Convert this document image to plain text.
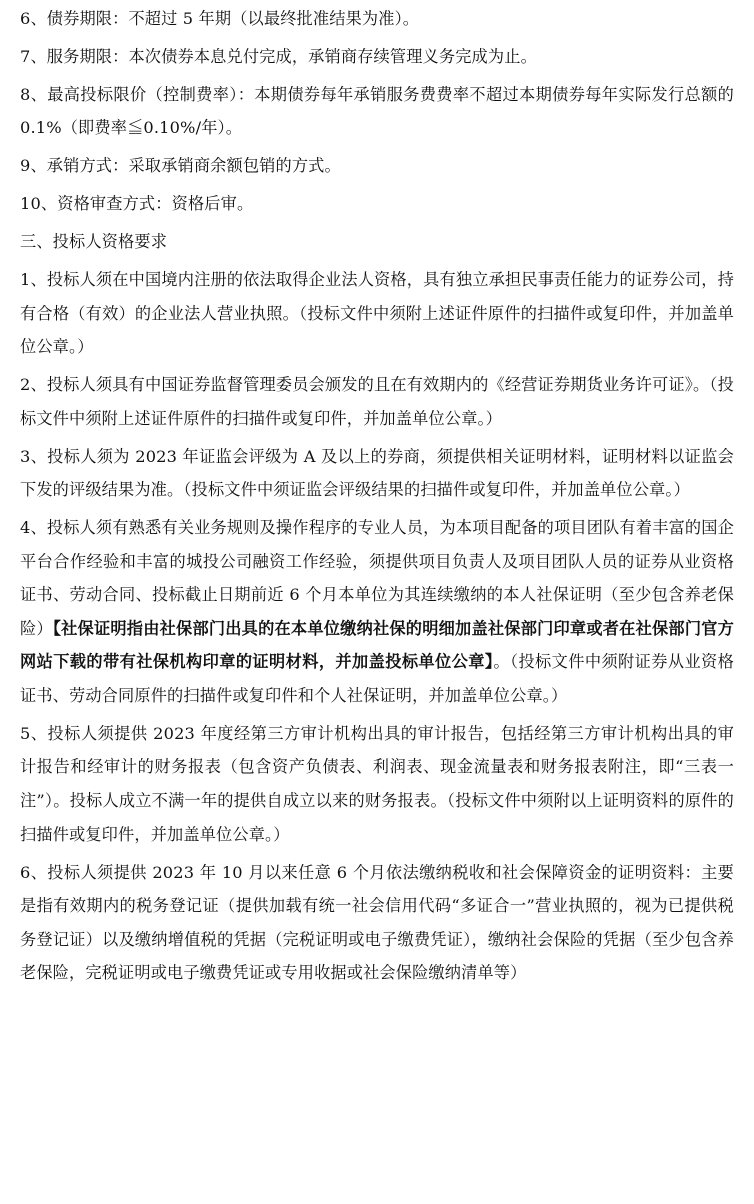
6、债券期限：不超过 5 年期（以最终批准结果为准）。

7、服务期限：本次债券本息兑付完成，承销商存续管理义务完成为止。

8、最高投标限价（控制费率）：本期债券每年承销服务费费率不超过本期债券每年实际发行总额的 0.1%（即费率≦0.10%/年）。

9、承销方式：采取承销商余额包销的方式。

10、资格审查方式：资格后审。

三、投标人资格要求

1、投标人须在中国境内注册的依法取得企业法人资格，具有独立承担民事责任能力的证券公司，持有合格（有效）的企业法人营业执照。（投标文件中须附上述证件原件的扫描件或复印件，并加盖单位公章。）

2、投标人须具有中国证券监督管理委员会颁发的且在有效期内的《经营证券期货业务许可证》。（投标文件中须附上述证件原件的扫描件或复印件，并加盖单位公章。）

3、投标人须为 2023 年证监会评级为 A 及以上的券商，须提供相关证明材料，证明材料以证监会下发的评级结果为准。（投标文件中须证监会评级结果的扫描件或复印件，并加盖单位公章。）

4、投标人须有熟悉有关业务规则及操作程序的专业人员，为本项目配备的项目团队有着丰富的国企平台合作经验和丰富的城投公司融资工作经验，须提供项目负责人及项目团队人员的证券从业资格证书、劳动合同、投标截止日期前近 6 个月本单位为其连续缴纳的本人社保证明（至少包含养老保险）【社保证明指由社保部门出具的在本单位缴纳社保的明细加盖社保部门印章或者在社保部门官方网站下载的带有社保机构印章的证明材料，并加盖投标单位公章】。（投标文件中须附证券从业资格证书、劳动合同原件的扫描件或复印件和个人社保证明，并加盖单位公章。）

5、投标人须提供 2023 年度经第三方审计机构出具的审计报告，包括经第三方审计机构出具的审计报告和经审计的财务报表（包含资产负债表、利润表、现金流量表和财务报表附注，即“三表一注”）。投标人成立不满一年的提供自成立以来的财务报表。（投标文件中须附以上证明资料的原件的扫描件或复印件，并加盖单位公章。）

6、投标人须提供 2023 年 10 月以来任意 6 个月依法缴纳税收和社会保障资金的证明资料：主要是指有效期内的税务登记证（提供加载有统一社会信用代码“多证合一”营业执照的，视为已提供税务登记证）以及缴纳增值税的凭据（完税证明或电子缴费凭证），缴纳社会保险的凭据（至少包含养老保险，完税证明或电子缴费凭证或专用收据或社会保险缴纳清单等）
